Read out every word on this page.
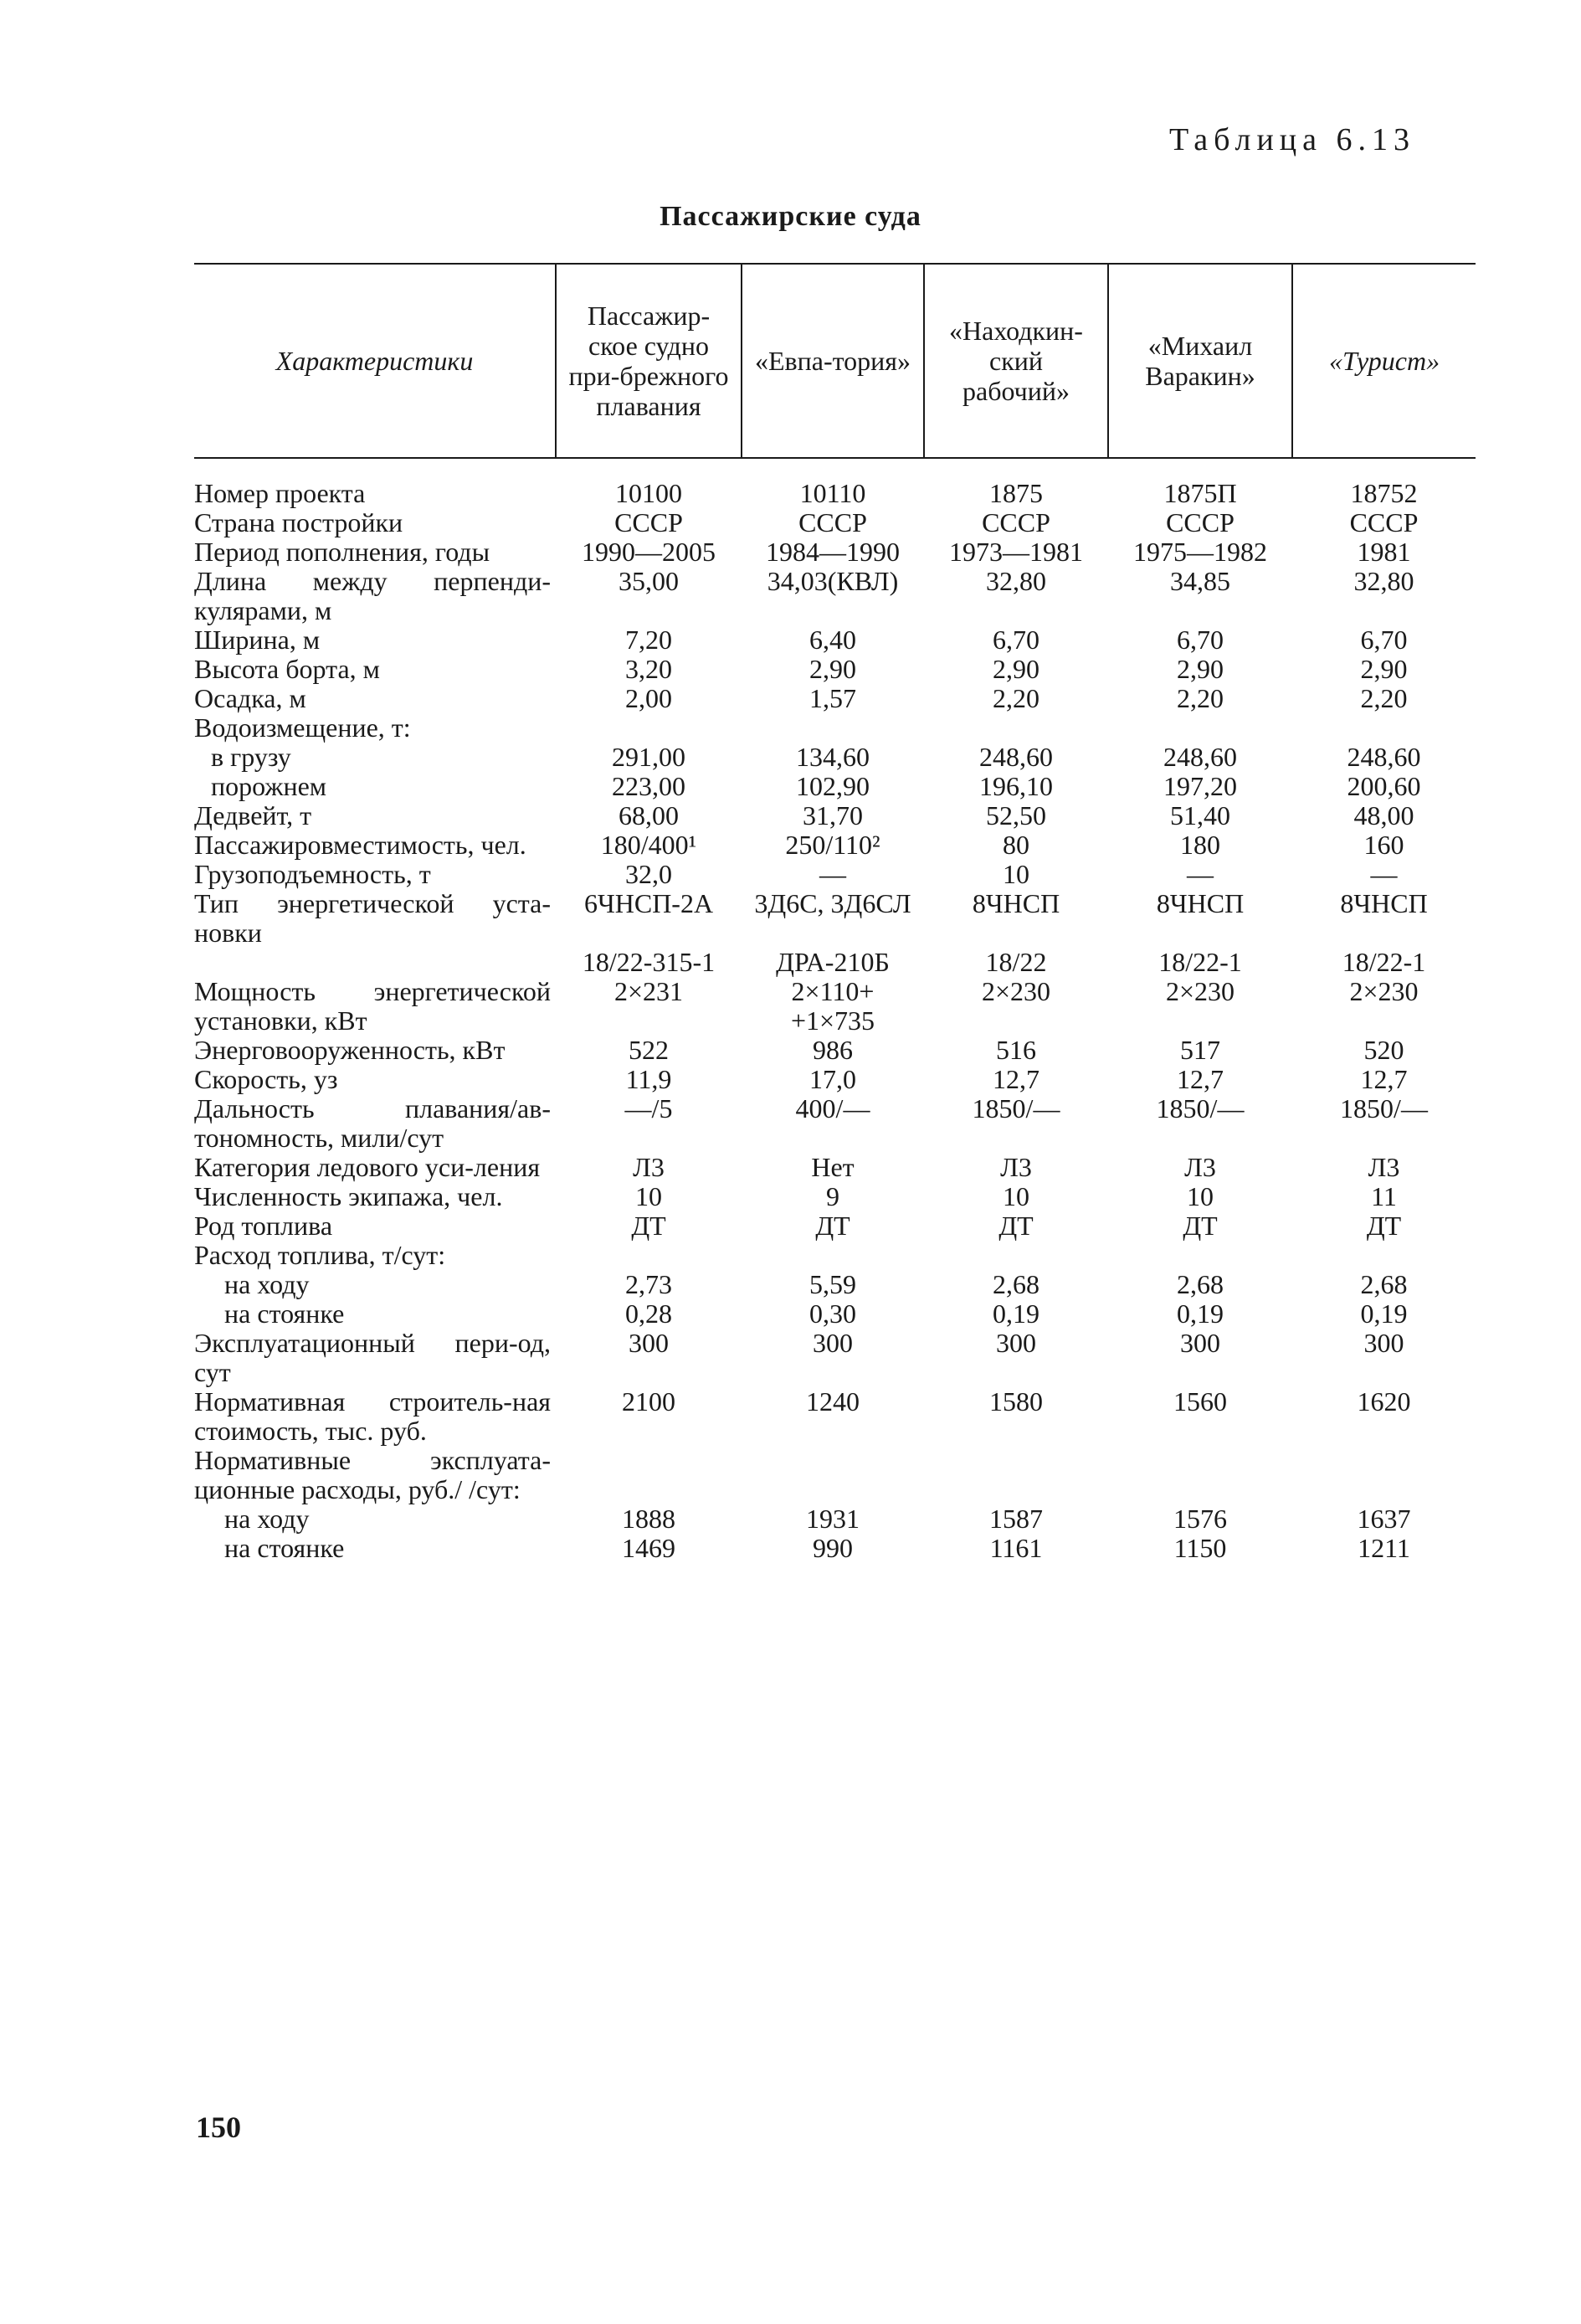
Таблица 6.13
Пассажирские суда
Характеристики	Пассажир-ское судно при-брежного плавания	«Евпа-тория»	«Находкин-ский рабочий»	«Михаил Варакин»	«Турист»
Номер проекта	10100	10110	1875	1875П	18752
Страна постройки	СССР	СССР	СССР	СССР	СССР
Период пополнения, годы	1990—2005	1984—1990	1973—1981	1975—1982	1981
Длина между перпенди-кулярами, м	35,00	34,03(КВЛ)	32,80	34,85	32,80
Ширина, м	7,20	6,40	6,70	6,70	6,70
Высота борта, м	3,20	2,90	2,90	2,90	2,90
Осадка, м	2,00	1,57	2,20	2,20	2,20
Водоизмещение, т:					
в грузу	291,00	134,60	248,60	248,60	248,60
порожнем	223,00	102,90	196,10	197,20	200,60
Дедвейт, т	68,00	31,70	52,50	51,40	48,00
Пассажировместимость, чел.	180/400¹	250/110²	80	180	160
Грузоподъемность, т	32,0	—	10	—	—
Тип энергетической уста-новки	6ЧНСП-2А	3Д6С, 3Д6СЛ	8ЧНСП	8ЧНСП	8ЧНСП
	18/22-315-1	ДРА-210Б	18/22	18/22-1	18/22-1
Мощность энергетической установки, кВт	2×231	2×110+ +1×735	2×230	2×230	2×230
Энерговооруженность, кВт	522	986	516	517	520
Скорость, уз	11,9	17,0	12,7	12,7	12,7
Дальность плавания/ав-тономность, мили/сут	—/5	400/—	1850/—	1850/—	1850/—
Категория ледового уси-ления	Л3	Нет	Л3	Л3	Л3
Численность экипажа, чел.	10	9	10	10	11
Род топлива	ДТ	ДТ	ДТ	ДТ	ДТ
Расход топлива, т/сут:					
на ходу	2,73	5,59	2,68	2,68	2,68
на стоянке	0,28	0,30	0,19	0,19	0,19
Эксплуатационный пери-од, сут	300	300	300	300	300
Нормативная строитель-ная стоимость, тыс. руб.	2100	1240	1580	1560	1620
Нормативные эксплуата-ционные расходы, руб./ /сут:					
на ходу	1888	1931	1587	1576	1637
на стоянке	1469	990	1161	1150	1211
150
